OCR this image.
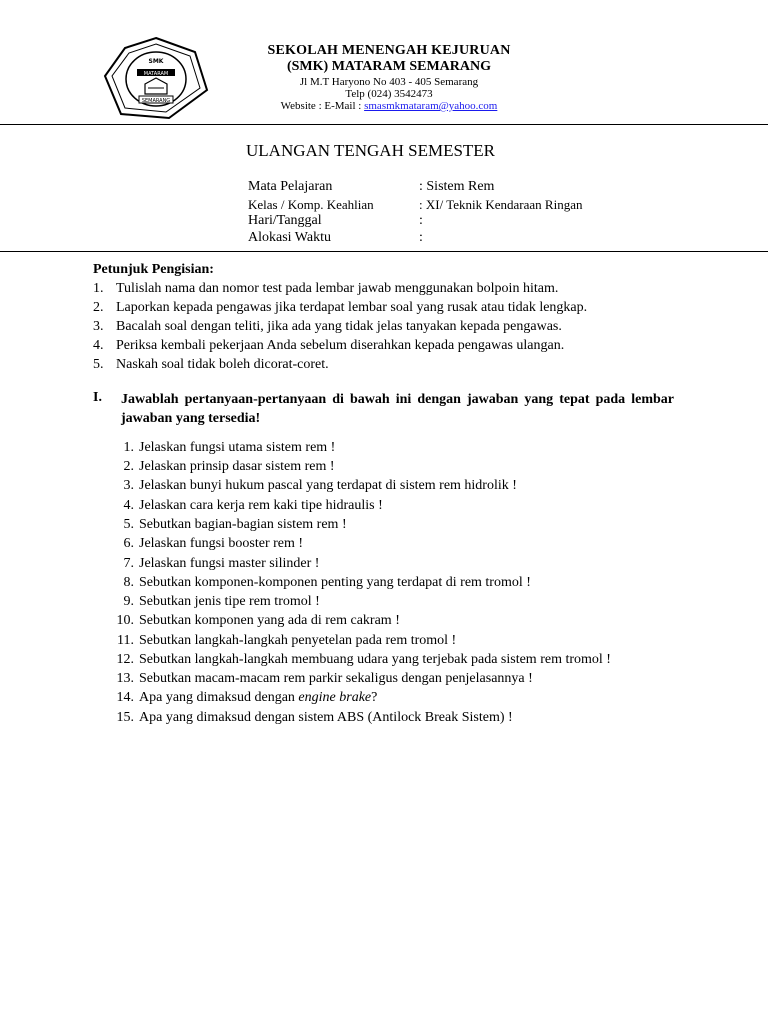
SMK
MATARAM
SEMARANG
SEKOLAH MENENGAH KEJURUAN
(SMK) MATARAM SEMARANG
Jl M.T Haryono No 403 - 405 Semarang
Telp (024) 3542473
Website : E-Mail : smasmkmataram@yahoo.com
ULANGAN TENGAH SEMESTER
Mata Pelajaran	: Sistem Rem
Kelas / Komp. Keahlian	: XI/ Teknik Kendaraan Ringan
Hari/Tanggal	:
Alokasi Waktu	:
Petunjuk Pengisian:
1. Tulislah nama dan nomor test pada lembar jawab menggunakan bolpoin hitam.
2. Laporkan kepada pengawas jika terdapat lembar soal yang rusak atau tidak lengkap.
3. Bacalah soal dengan teliti, jika ada yang tidak jelas tanyakan kepada pengawas.
4. Periksa kembali pekerjaan Anda sebelum diserahkan kepada pengawas ulangan.
5. Naskah soal tidak boleh dicorat-coret.
I. Jawablah pertanyaan-pertanyaan di bawah ini dengan jawaban yang tepat pada lembar jawaban yang tersedia!
1. Jelaskan fungsi utama sistem rem !
2. Jelaskan prinsip dasar sistem rem !
3. Jelaskan bunyi hukum pascal yang terdapat di sistem rem hidrolik !
4. Jelaskan cara kerja rem kaki tipe hidraulis !
5. Sebutkan bagian-bagian sistem rem !
6. Jelaskan fungsi booster rem !
7. Jelaskan fungsi master silinder !
8. Sebutkan komponen-komponen penting yang terdapat di rem tromol !
9. Sebutkan jenis tipe rem tromol !
10. Sebutkan komponen yang ada di rem cakram !
11. Sebutkan langkah-langkah penyetelan pada rem tromol !
12. Sebutkan langkah-langkah membuang udara yang terjebak pada sistem rem tromol !
13. Sebutkan macam-macam rem parkir sekaligus dengan penjelasannya !
14. Apa yang dimaksud dengan engine brake?
15. Apa yang dimaksud dengan sistem ABS (Antilock Break Sistem) !
